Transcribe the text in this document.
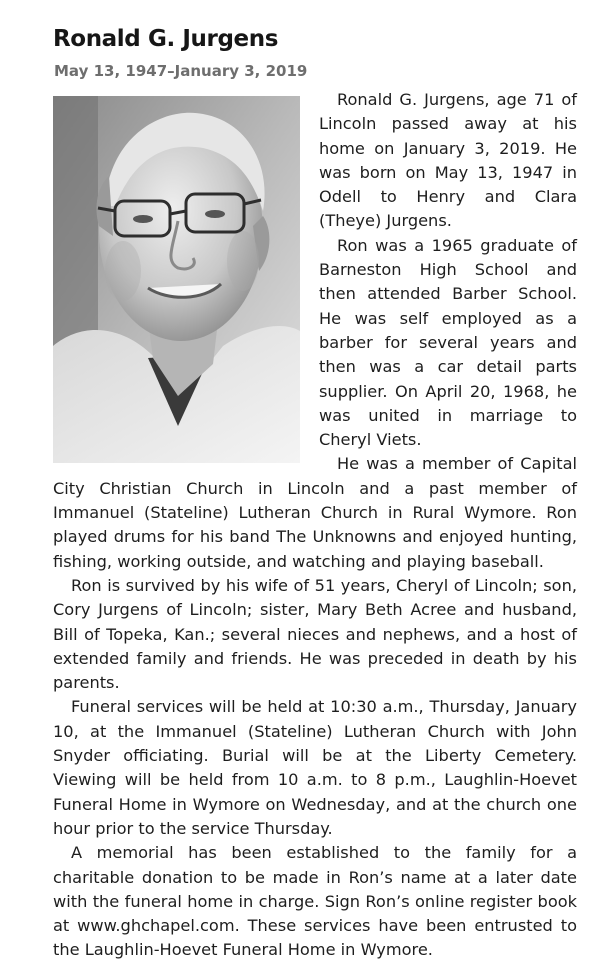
Ronald G. Jurgens
May 13, 1947–January 3, 2019

Ronald G. Jurgens, age 71 of Lincoln passed away at his home on January 3, 2019. He was born on May 13, 1947 in Odell to Henry and Clara (Theye) Jurgens.

Ron was a 1965 graduate of Barneston High School and then attended Barber School. He was self employed as a barber for several years and then was a car detail parts supplier. On April 20, 1968, he was united in marriage to Cheryl Viets.

He was a member of Capital City Christian Church in Lincoln and a past member of Immanuel (Stateline) Lutheran Church in Rural Wymore. Ron played drums for his band The Unknowns and enjoyed hunting, fishing, working outside, and watching and playing baseball.

Ron is survived by his wife of 51 years, Cheryl of Lincoln; son, Cory Jurgens of Lincoln; sister, Mary Beth Acree and husband, Bill of Topeka, Kan.; several nieces and nephews, and a host of extended family and friends. He was preceded in death by his parents.

Funeral services will be held at 10:30 a.m., Thursday, January 10, at the Immanuel (Stateline) Lutheran Church with John Snyder officiating. Burial will be at the Liberty Cemetery. Viewing will be held from 10 a.m. to 8 p.m., Laughlin-Hoevet Funeral Home in Wymore on Wednesday, and at the church one hour prior to the service Thursday.

A memorial has been established to the family for a charitable donation to be made in Ron’s name at a later date with the funeral home in charge. Sign Ron’s online register book at www.ghchapel.com. These services have been entrusted to the Laughlin-Hoevet Funeral Home in Wymore.
